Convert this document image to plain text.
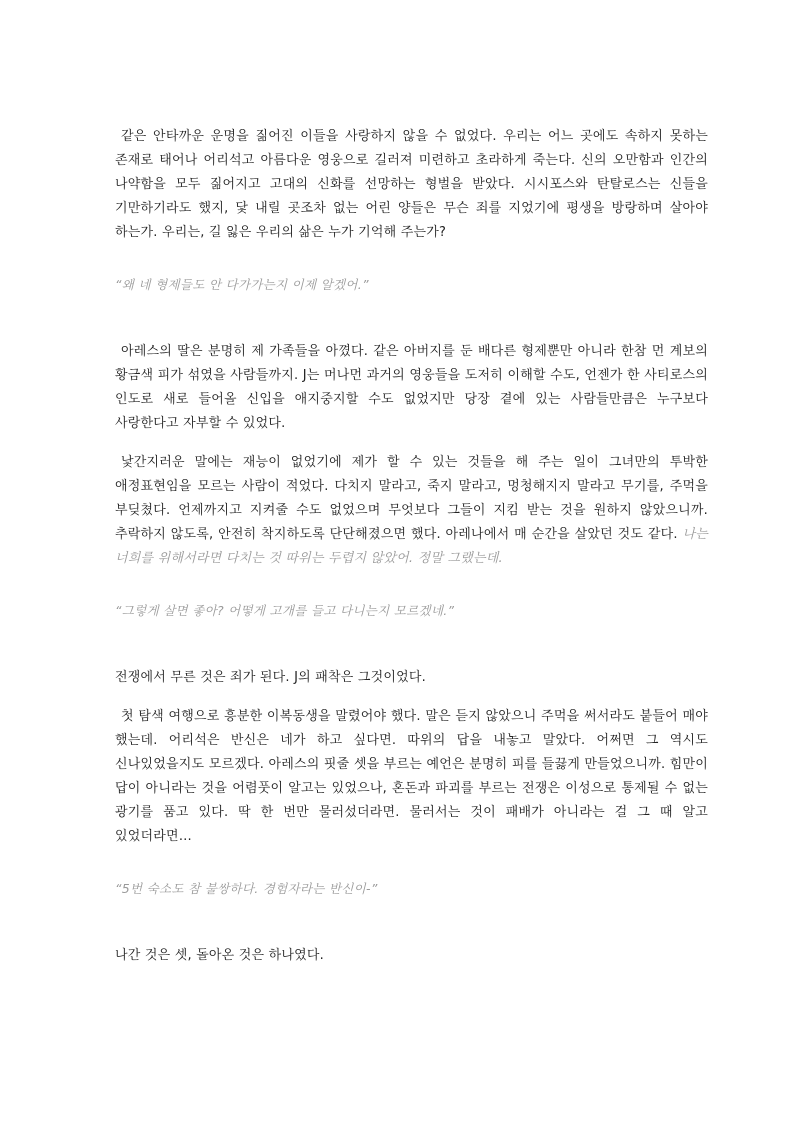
같은 안타까운 운명을 짊어진 이들을 사랑하지 않을 수 없었다. 우리는 어느 곳에도 속하지 못하는 존재로 태어나 어리석고 아름다운 영웅으로 길러져 미련하고 초라하게 죽는다. 신의 오만함과 인간의 나약함을 모두 짊어지고 고대의 신화를 선망하는 형벌을 받았다. 시시포스와 탄탈로스는 신들을 기만하기라도 했지, 닻 내릴 곳조차 없는 어린 양들은 무슨 죄를 지었기에 평생을 방랑하며 살아야 하는가. 우리는, 길 잃은 우리의 삶은 누가 기억해 주는가?

“왜 네 형제들도 안 다가가는지 이제 알겠어.”

아레스의 딸은 분명히 제 가족들을 아꼈다. 같은 아버지를 둔 배다른 형제뿐만 아니라 한참 먼 계보의 황금색 피가 섞였을 사람들까지. J는 머나먼 과거의 영웅들을 도저히 이해할 수도, 언젠가 한 사티로스의 인도로 새로 들어올 신입을 애지중지할 수도 없었지만 당장 곁에 있는 사람들만큼은 누구보다 사랑한다고 자부할 수 있었다.

낯간지러운 말에는 재능이 없었기에 제가 할 수 있는 것들을 해 주는 일이 그녀만의 투박한 애정표현임을 모르는 사람이 적었다. 다치지 말라고, 죽지 말라고, 멍청해지지 말라고 무기를, 주먹을 부딪쳤다. 언제까지고 지켜줄 수도 없었으며 무엇보다 그들이 지킴 받는 것을 원하지 않았으니까. 추락하지 않도록, 안전히 착지하도록 단단해졌으면 했다. 아레나에서 매 순간을 살았던 것도 같다. 나는 너희를 위해서라면 다치는 것 따위는 두렵지 않았어. 정말 그랬는데.

“그렇게 살면 좋아? 어떻게 고개를 들고 다니는지 모르겠네.”

전쟁에서 무른 것은 죄가 된다. J의 패착은 그것이었다.

첫 탐색 여행으로 흥분한 이복동생을 말렸어야 했다. 말은 듣지 않았으니 주먹을 써서라도 붙들어 매야 했는데. 어리석은 반신은 네가 하고 싶다면. 따위의 답을 내놓고 말았다. 어쩌면 그 역시도 신나있었을지도 모르겠다. 아레스의 핏줄 셋을 부르는 예언은 분명히 피를 들끓게 만들었으니까. 힘만이 답이 아니라는 것을 어렴풋이 알고는 있었으나, 혼돈과 파괴를 부르는 전쟁은 이성으로 통제될 수 없는 광기를 품고 있다. 딱 한 번만 물러섰더라면. 물러서는 것이 패배가 아니라는 걸 그 때 알고 있었더라면…

“5번 숙소도 참 불쌍하다. 경험자라는 반신이-”

나간 것은 셋, 돌아온 것은 하나였다.
